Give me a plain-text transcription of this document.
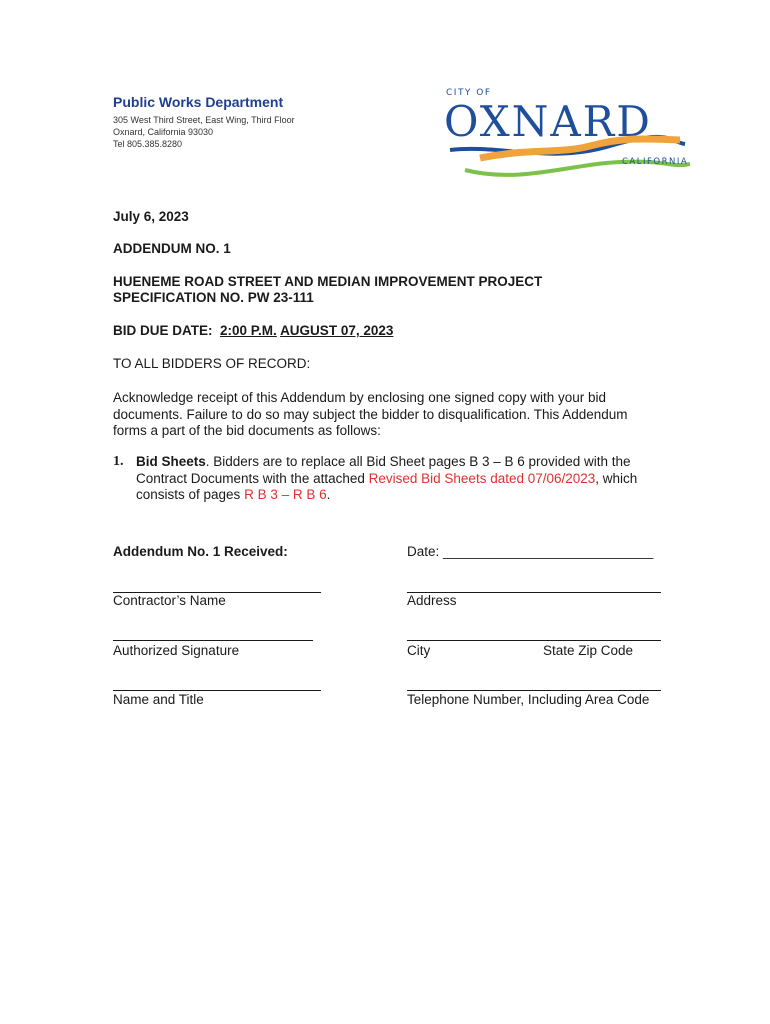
Public Works Department
305 West Third Street, East Wing, Third Floor
Oxnard, California 93030
Tel 805.385.8280
CITY OF
OXNARD
CALIFORNIA
July 6, 2023
ADDENDUM NO. 1
HUENEME ROAD STREET AND MEDIAN IMPROVEMENT PROJECT
SPECIFICATION NO. PW 23-111
BID DUE DATE: 2:00 P.M. AUGUST 07, 2023
TO ALL BIDDERS OF RECORD:
Acknowledge receipt of this Addendum by enclosing one signed copy with your bid documents. Failure to do so may subject the bidder to disqualification. This Addendum forms a part of the bid documents as follows:
1. Bid Sheets. Bidders are to replace all Bid Sheet pages B 3 – B 6 provided with the Contract Documents with the attached Revised Bid Sheets dated 07/06/2023, which consists of pages R B 3 – R B 6.
Addendum No. 1 Received:	Date: ____________________________
Contractor’s Name	Address
Authorized Signature	City	State Zip Code
Name and Title	Telephone Number, Including Area Code
